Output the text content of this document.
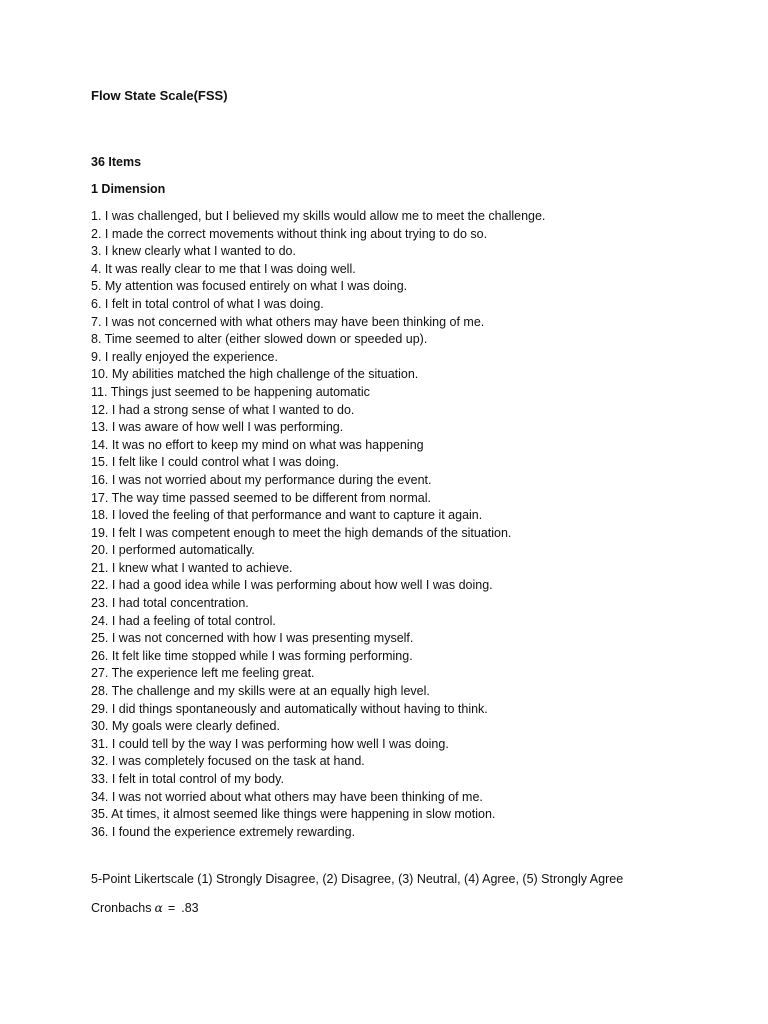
Flow State Scale(FSS)
36 Items
1 Dimension
1. I was challenged, but I believed my skills would allow me to meet the challenge.
2. I made the correct movements without think ing about trying to do so.
3. I knew clearly what I wanted to do.
4. It was really clear to me that I was doing well.
5. My attention was focused entirely on what I was doing.
6. I felt in total control of what I was doing.
7. I was not concerned with what others may have been thinking of me.
8. Time seemed to alter (either slowed down or speeded up).
9. I really enjoyed the experience.
10. My abilities matched the high challenge of the situation.
11. Things just seemed to be happening automatic
12. I had a strong sense of what I wanted to do.
13. I was aware of how well I was performing.
14. It was no effort to keep my mind on what was happening
15. I felt like I could control what I was doing.
16. I was not worried about my performance during the event.
17. The way time passed seemed to be different from normal.
18. I loved the feeling of that performance and want to capture it again.
19. I felt I was competent enough to meet the high demands of the situation.
20. I performed automatically.
21. I knew what I wanted to achieve.
22. I had a good idea while I was performing about how well I was doing.
23. I had total concentration.
24. I had a feeling of total control.
25. I was not concerned with how I was presenting myself.
26. It felt like time stopped while I was forming performing.
27. The experience left me feeling great.
28. The challenge and my skills were at an equally high level.
29. I did things spontaneously and automatically without having to think.
30. My goals were clearly defined.
31. I could tell by the way I was performing how well I was doing.
32. I was completely focused on the task at hand.
33. I felt in total control of my body.
34. I was not worried about what others may have been thinking of me.
35. At times, it almost seemed like things were happening in slow motion.
36. I found the experience extremely rewarding.
5-Point Likertscale (1) Strongly Disagree, (2) Disagree, (3) Neutral, (4) Agree, (5) Strongly Agree
Cronbachs α = .83
